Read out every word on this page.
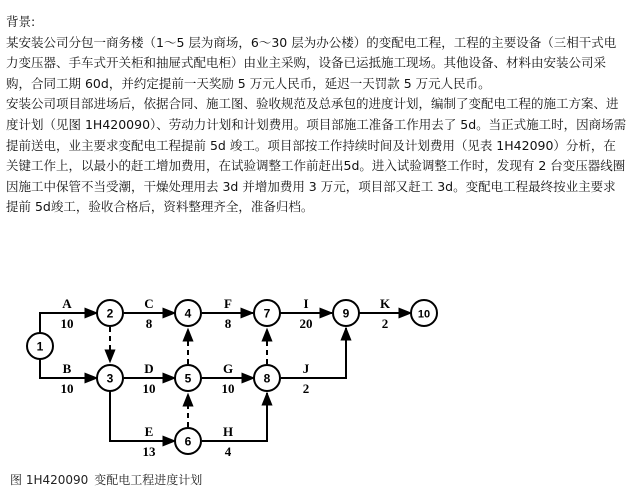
背景:

某安装公司分包一商务楼（1～5 层为商场，6～30 层为办公楼）的变配电工程，工程的主要设备（三相干式电力变压器、手车式开关柜和抽屉式配电柜）由业主采购，设备已运抵施工现场。其他设备、材料由安装公司采购，合同工期 60d，并约定提前一天奖励 5 万元人民币，延迟一天罚款 5 万元人民币。

安装公司项目部进场后，依据合同、施工图、验收规范及总承包的进度计划，编制了变配电工程的施工方案、进度计划（见图 1H420090）、劳动力计划和计划费用。项目部施工准备工作用去了 5d。当正式施工时，因商场需提前送电，业主要求变配电工程提前 5d 竣工。项目部按工作持续时间及计划费用（见表 1H42090）分析，在关键工作上，以最小的赶工增加费用，在试验调整工作前赶出5d。进入试验调整工作时，发现有 2 台变压器线圈因施工中保管不当受潮，干燥处理用去 3d 并增加费用 3 万元，项目部又赶工 3d。变配电工程最终按业主要求提前 5d竣工，验收合格后，资料整理齐全，准备归档。

A
10
B
10
C
8
D
10
E
13
F
8
G
10
H
4
I
20
J
2
K
2
1
2
3
4
5
6
7
8
9	10
图 1H420090 变配电工程进度计划
